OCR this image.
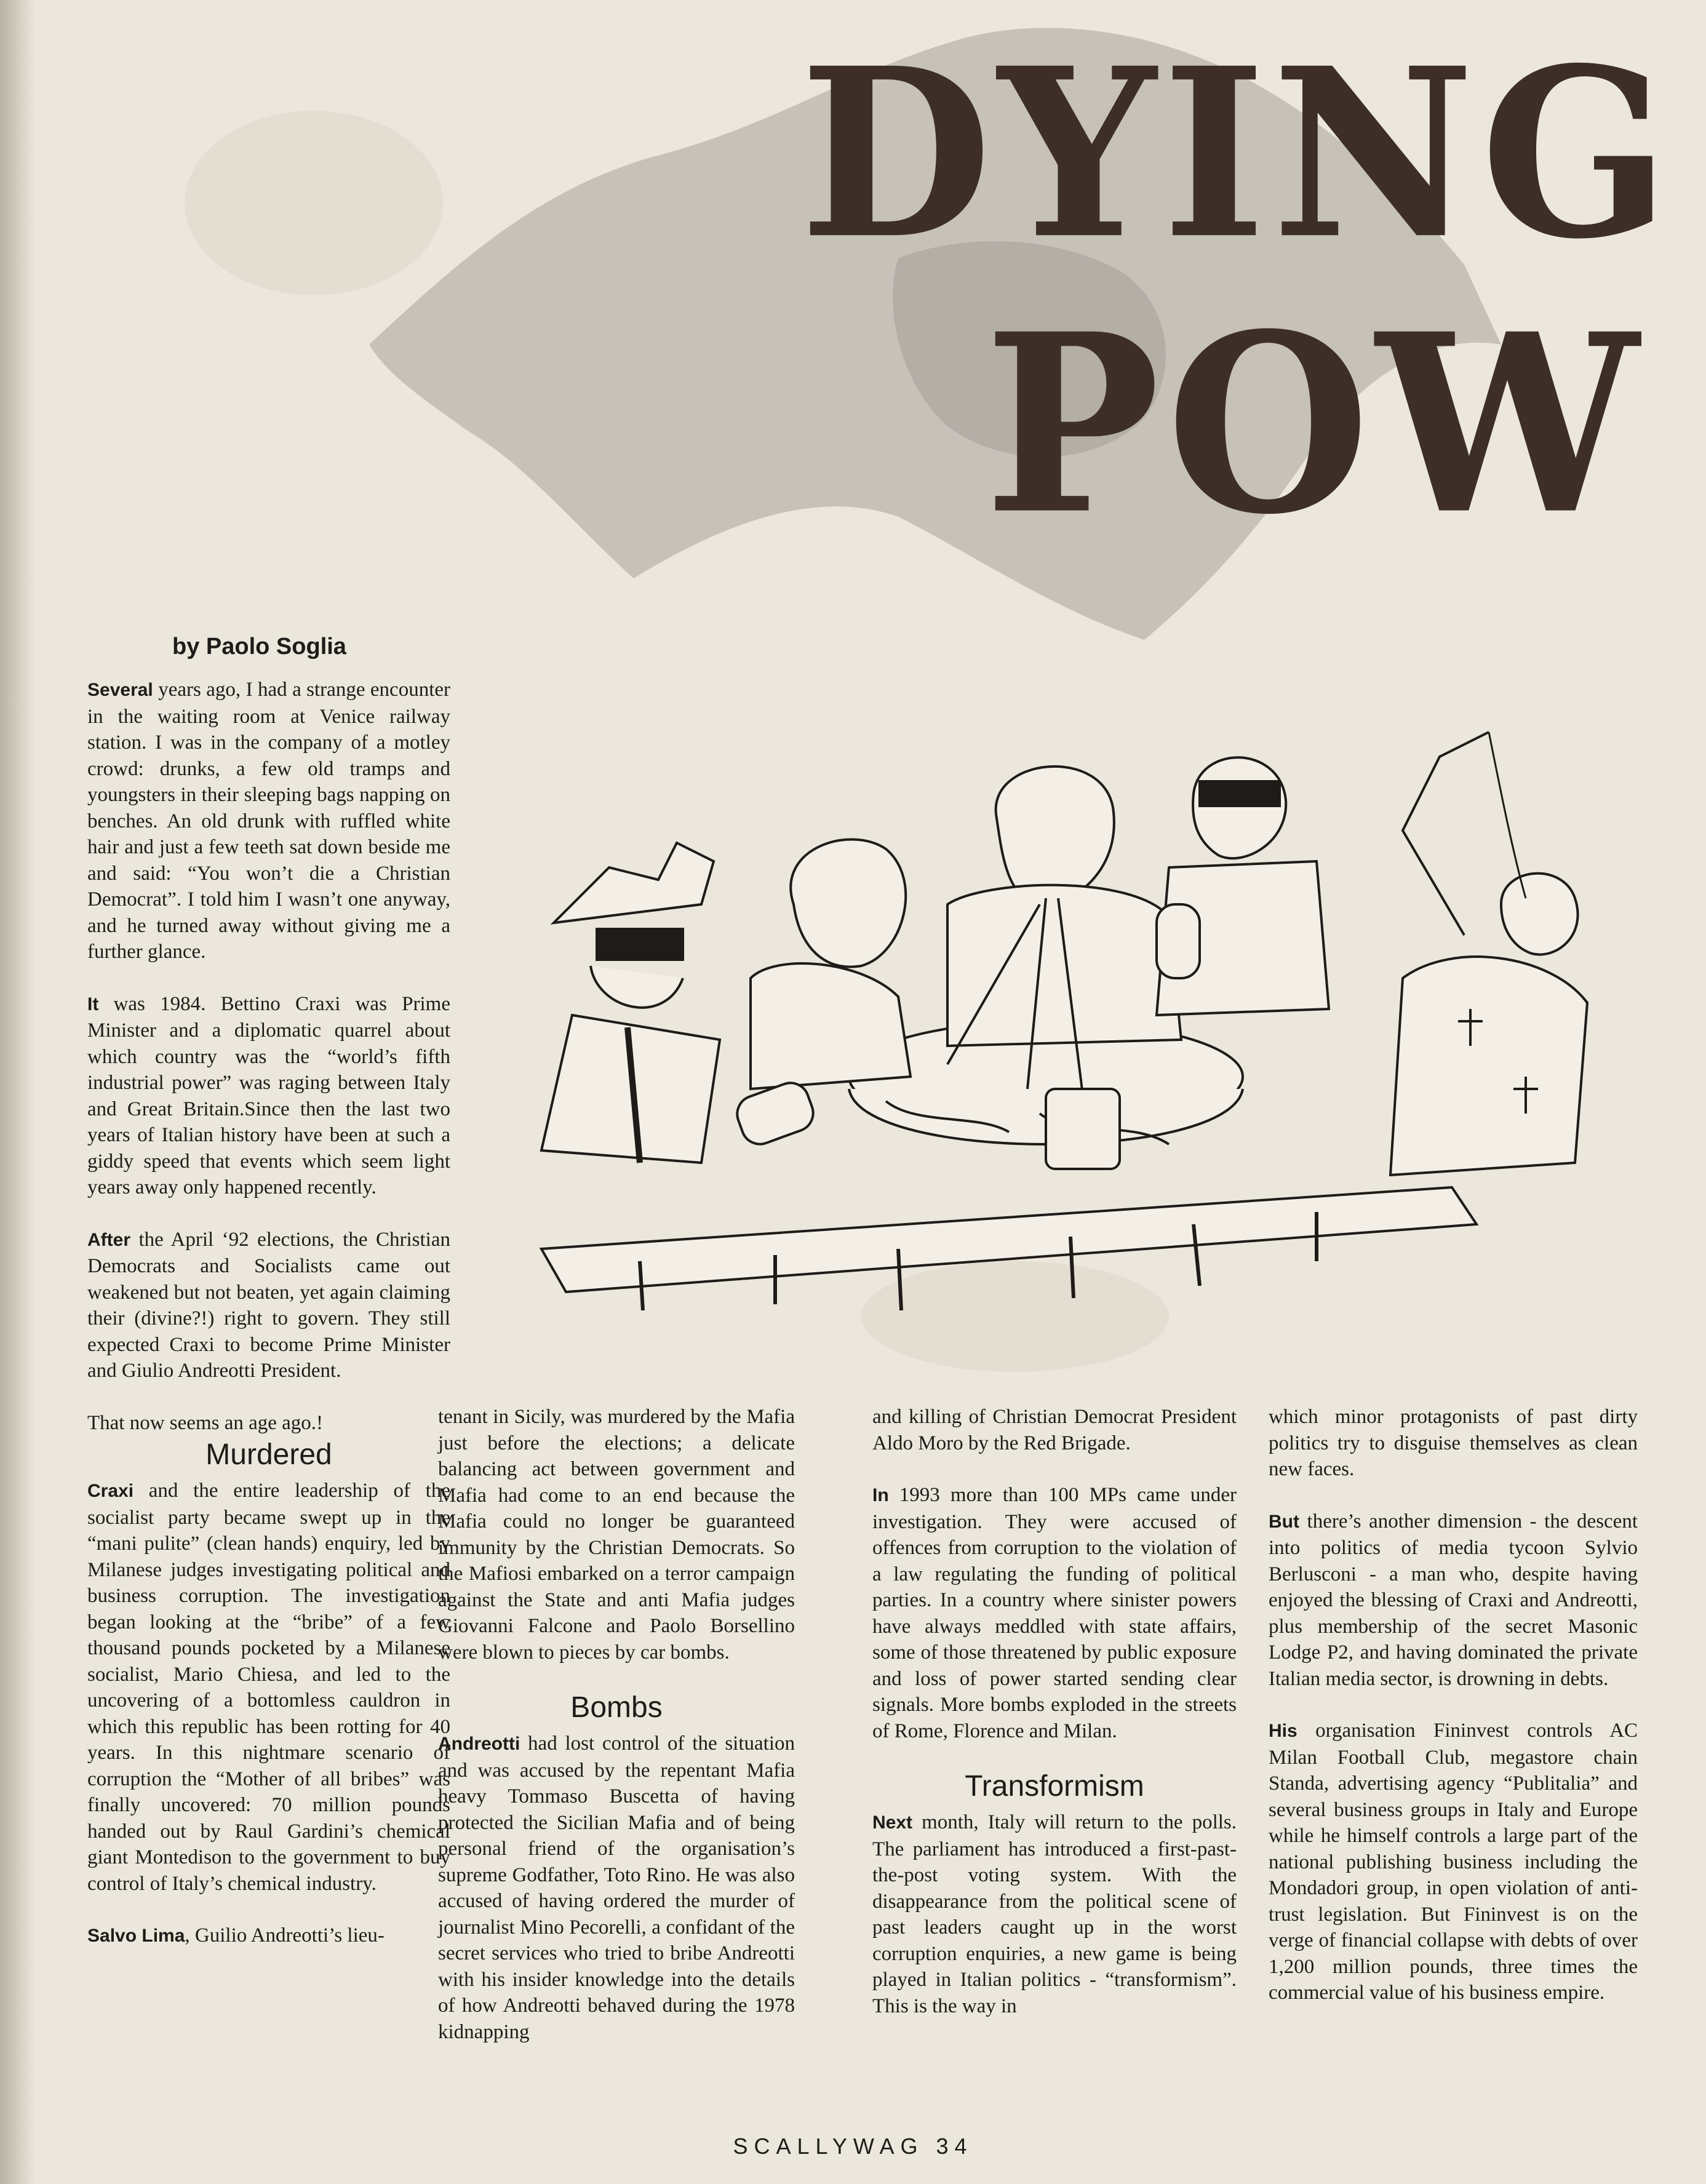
DYING
POW
by Paolo Soglia

Several years ago, I had a strange encounter in the waiting room at Venice railway station. I was in the company of a motley crowd: drunks, a few old tramps and youngsters in their sleeping bags napping on benches. An old drunk with ruffled white hair and just a few teeth sat down beside me and said: “You won’t die a Christian Democrat”. I told him I wasn’t one anyway, and he turned away without giving me a further glance.

It was 1984. Bettino Craxi was Prime Minister and a diplomatic quarrel about which country was the “world’s fifth industrial power” was raging between Italy and Great Britain.Since then the last two years of Italian history have been at such a giddy speed that events which seem light years away only happened recently.

After the April ‘92 elections, the Christian Democrats and Socialists came out weakened but not beaten, yet again claiming their (divine?!) right to govern. They still expected Craxi to become Prime Minister and Giulio Andreotti President.

That now seems an age ago.!

Murdered

Craxi and the entire leadership of the socialist party became swept up in the “mani pulite” (clean hands) enquiry, led by Milanese judges investigating political and business corruption. The investigation began looking at the “bribe” of a few thousand pounds pocketed by a Milanese socialist, Mario Chiesa, and led to the uncovering of a bottomless cauldron in which this republic has been rotting for 40 years. In this nightmare scenario of corruption the “Mother of all bribes” was finally uncovered: 70 million pounds handed out by Raul Gardini’s chemical giant Montedison to the government to buy control of Italy’s chemical industry.

Salvo Lima, Guilio Andreotti’s lieu-

tenant in Sicily, was murdered by the Mafia just before the elections; a delicate balancing act between government and Mafia had come to an end because the Mafia could no longer be guaranteed immunity by the Christian Democrats. So the Mafiosi embarked on a terror campaign against the State and anti Mafia judges Giovanni Falcone and Paolo Borsellino were blown to pieces by car bombs.

Bombs

Andreotti had lost control of the situation and was accused by the repentant Mafia heavy Tommaso Buscetta of having protected the Sicilian Mafia and of being personal friend of the organisation’s supreme Godfather, Toto Rino. He was also accused of having ordered the murder of journalist Mino Pecorelli, a confidant of the secret services who tried to bribe Andreotti with his insider knowledge into the details of how Andreotti behaved during the 1978 kidnapping

and killing of Christian Democrat President Aldo Moro by the Red Brigade.

In 1993 more than 100 MPs came under investigation. They were accused of offences from corruption to the violation of a law regulating the funding of political parties. In a country where sinister powers have always meddled with state affairs, some of those threatened by public exposure and loss of power started sending clear signals. More bombs exploded in the streets of Rome, Florence and Milan.

Transformism

Next month, Italy will return to the polls. The parliament has introduced a first-past-the-post voting system. With the disappearance from the political scene of past leaders caught up in the worst corruption enquiries, a new game is being played in Italian politics - “transformism”. This is the way in

which minor protagonists of past dirty politics try to disguise themselves as clean new faces.

But there’s another dimension - the descent into politics of media tycoon Sylvio Berlusconi - a man who, despite having enjoyed the blessing of Craxi and Andreotti, plus membership of the secret Masonic Lodge P2, and having dominated the private Italian media sector, is drowning in debts.

His organisation Fininvest controls AC Milan Football Club, megastore chain Standa, advertising agency “Publitalia” and several business groups in Italy and Europe while he himself controls a large part of the national publishing business including the Mondadori group, in open violation of anti-trust legislation. But Fininvest is on the verge of financial collapse with debts of over 1,200 million pounds, three times the commercial value of his business empire.

SCALLYWAG 34
